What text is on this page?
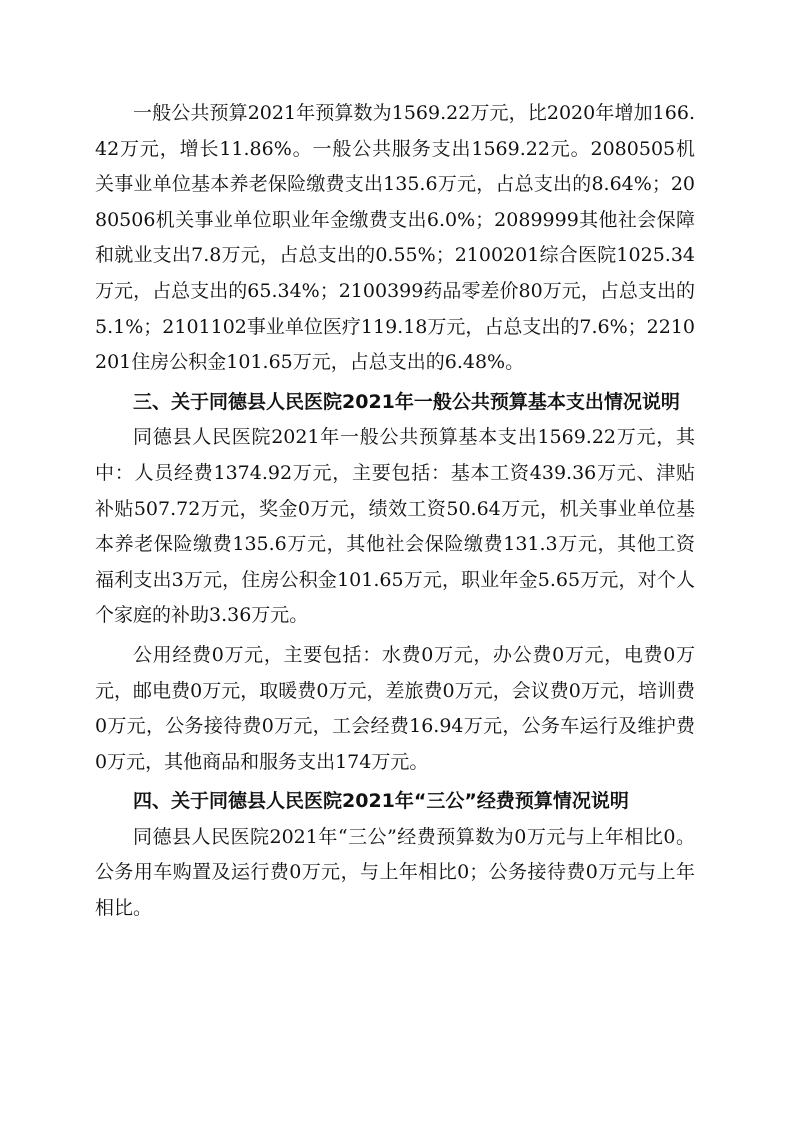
一般公共预算2021年预算数为1569.22万元，比2020年增加166.42万元，增长11.86%。一般公共服务支出1569.22元。2080505机关事业单位基本养老保险缴费支出135.6万元，占总支出的8.64%；2080506机关事业单位职业年金缴费支出6.0%；2089999其他社会保障和就业支出7.8万元，占总支出的0.55%；2100201综合医院1025.34万元，占总支出的65.34%；2100399药品零差价80万元，占总支出的5.1%；2101102事业单位医疗119.18万元，占总支出的7.6%；2210201住房公积金101.65万元，占总支出的6.48%。

三、关于同德县人民医院2021年一般公共预算基本支出情况说明

同德县人民医院2021年一般公共预算基本支出1569.22万元，其中：人员经费1374.92万元，主要包括：基本工资439.36万元、津贴补贴507.72万元，奖金0万元，绩效工资50.64万元，机关事业单位基本养老保险缴费135.6万元，其他社会保险缴费131.3万元，其他工资福利支出3万元，住房公积金101.65万元，职业年金5.65万元，对个人个家庭的补助3.36万元。

公用经费0万元，主要包括：水费0万元，办公费0万元，电费0万元，邮电费0万元，取暖费0万元，差旅费0万元，会议费0万元，培训费0万元，公务接待费0万元，工会经费16.94万元，公务车运行及维护费0万元，其他商品和服务支出174万元。

四、关于同德县人民医院2021年“三公”经费预算情况说明

同德县人民医院2021年“三公”经费预算数为0万元与上年相比0。公务用车购置及运行费0万元，与上年相比0；公务接待费0万元与上年相比。
